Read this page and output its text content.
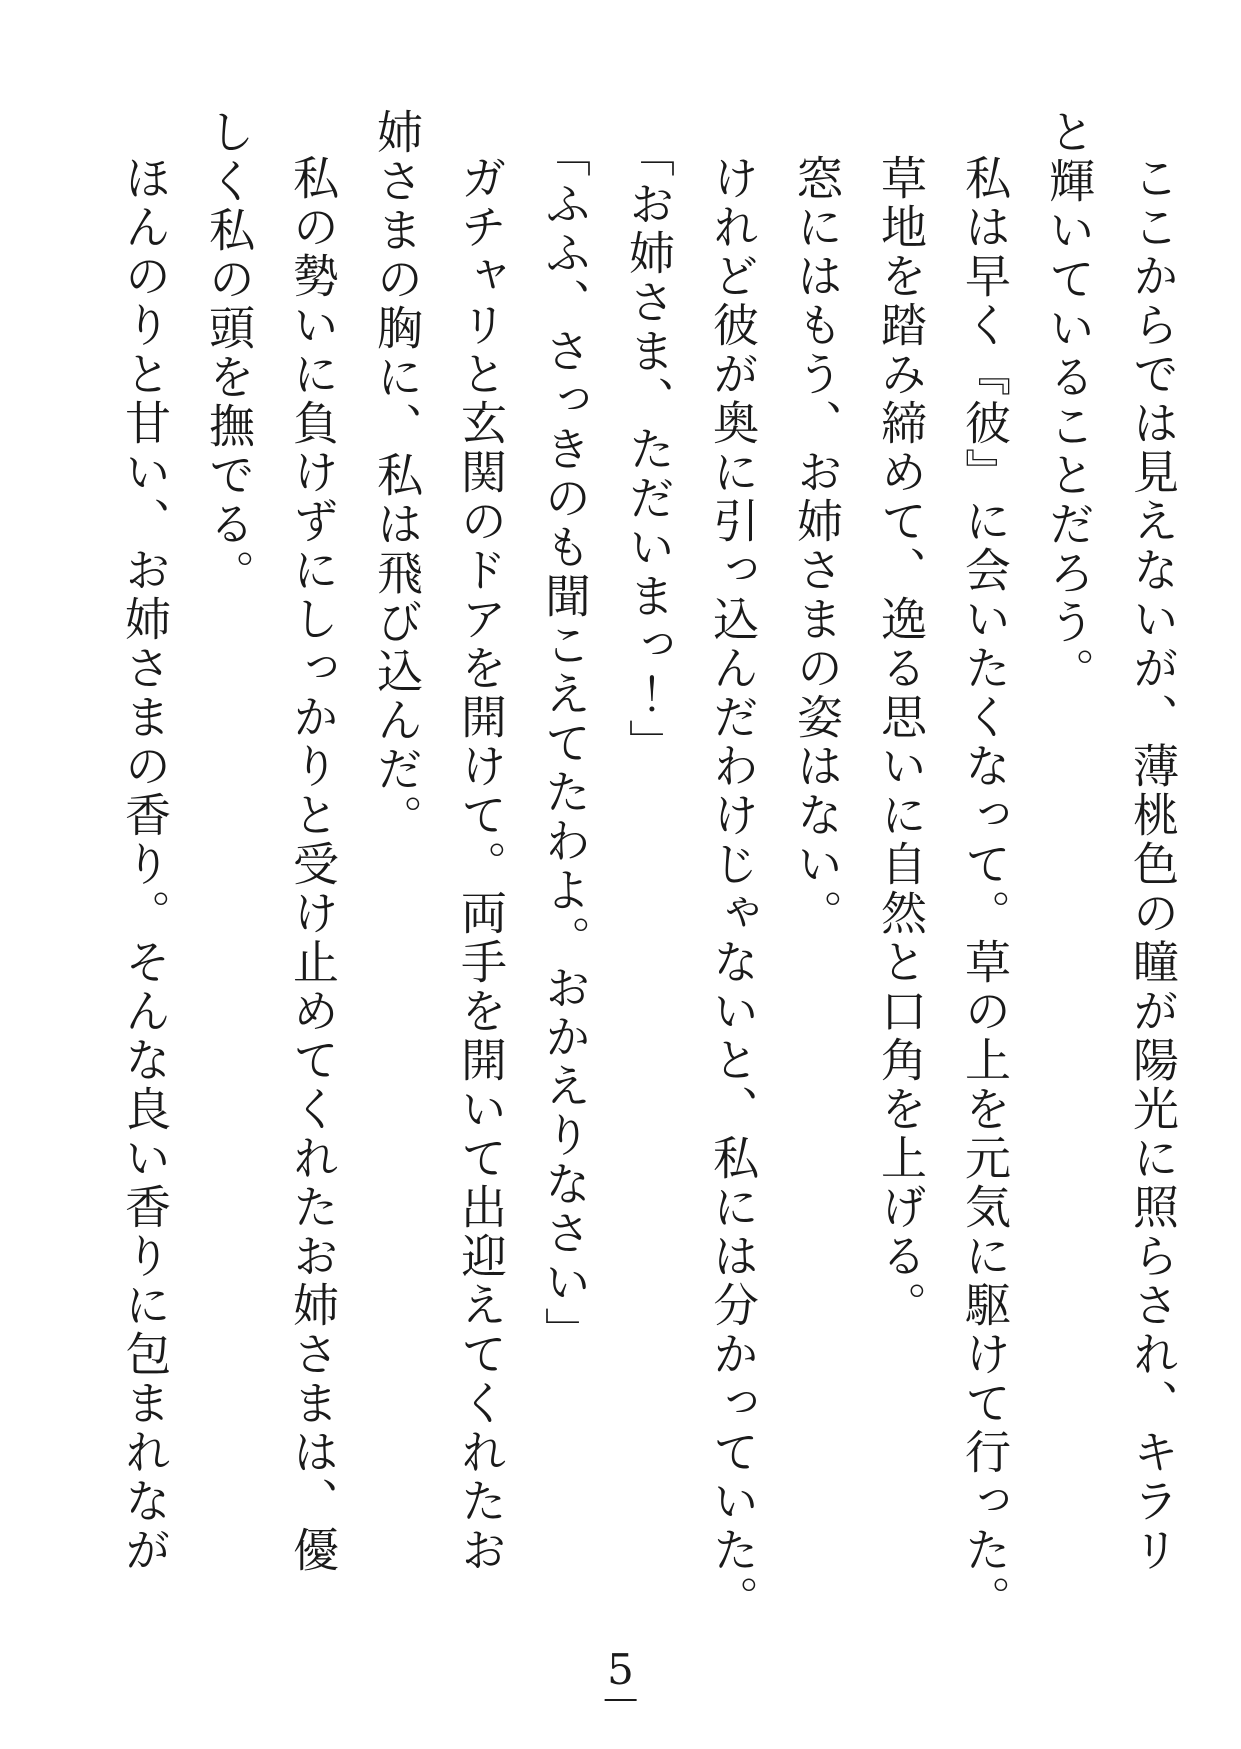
ここからでは見えないが、薄桃色の瞳が陽光に照らされ、キラリ
と輝いていることだろう。

私は早く『彼』に会いたくなって。草の上を元気に駆けて行った。

草地を踏み締めて、逸る思いに自然と口角を上げる。

窓にはもう、お姉さまの姿はない。

けれど彼が奥に引っ込んだわけじゃないと、私には分かっていた。

「お姉さま、ただいまっ！」

「ふふ、さっきのも聞こえてたわよ。おかえりなさい」

ガチャリと玄関のドアを開けて。両手を開いて出迎えてくれたお
姉さまの胸に、私は飛び込んだ。

私の勢いに負けずにしっかりと受け止めてくれたお姉さまは、優
しく私の頭を撫でる。

ほんのりと甘い、お姉さまの香り。そんな良い香りに包まれなが

5
